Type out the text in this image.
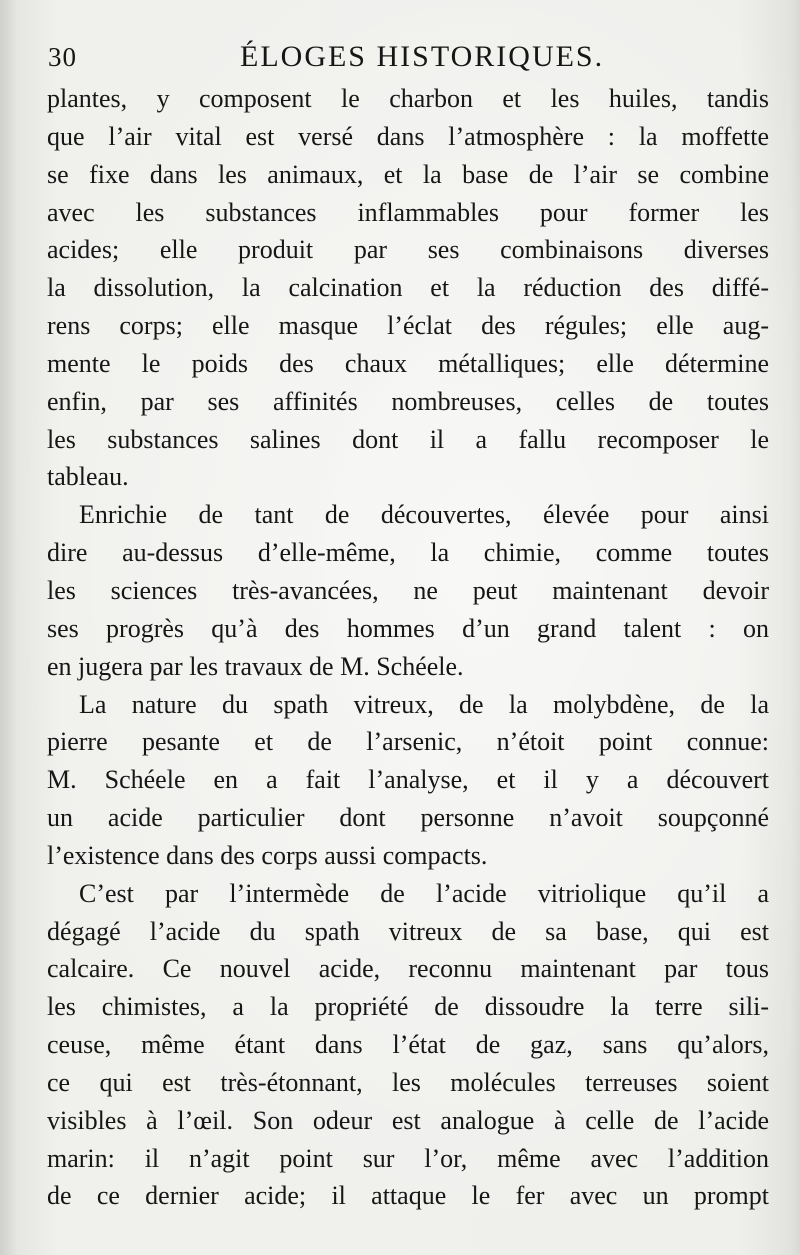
30	ÉLOGES HISTORIQUES.
plantes, y composent le charbon et les huiles, tandis
que l’air vital est versé dans l’atmosphère : la moffette
se fixe dans les animaux, et la base de l’air se combine
avec les substances inflammables pour former les
acides; elle produit par ses combinaisons diverses
la dissolution, la calcination et la réduction des diffé-
rens corps; elle masque l’éclat des régules; elle aug-
mente le poids des chaux métalliques; elle détermine
enfin, par ses affinités nombreuses, celles de toutes
les substances salines dont il a fallu recomposer le
tableau.
Enrichie de tant de découvertes, élevée pour ainsi
dire au-dessus d’elle-même, la chimie, comme toutes
les sciences très-avancées, ne peut maintenant devoir
ses progrès qu’à des hommes d’un grand talent : on
en jugera par les travaux de M. Schéele.
La nature du spath vitreux, de la molybdène, de la
pierre pesante et de l’arsenic, n’étoit point connue:
M. Schéele en a fait l’analyse, et il y a découvert
un acide particulier dont personne n’avoit soupçonné
l’existence dans des corps aussi compacts.
C’est par l’intermède de l’acide vitriolique qu’il a
dégagé l’acide du spath vitreux de sa base, qui est
calcaire. Ce nouvel acide, reconnu maintenant par tous
les chimistes, a la propriété de dissoudre la terre sili-
ceuse, même étant dans l’état de gaz, sans qu’alors,
ce qui est très-étonnant, les molécules terreuses soient
visibles à l’œil. Son odeur est analogue à celle de l’acide
marin: il n’agit point sur l’or, même avec l’addition
de ce dernier acide; il attaque le fer avec un prompt
